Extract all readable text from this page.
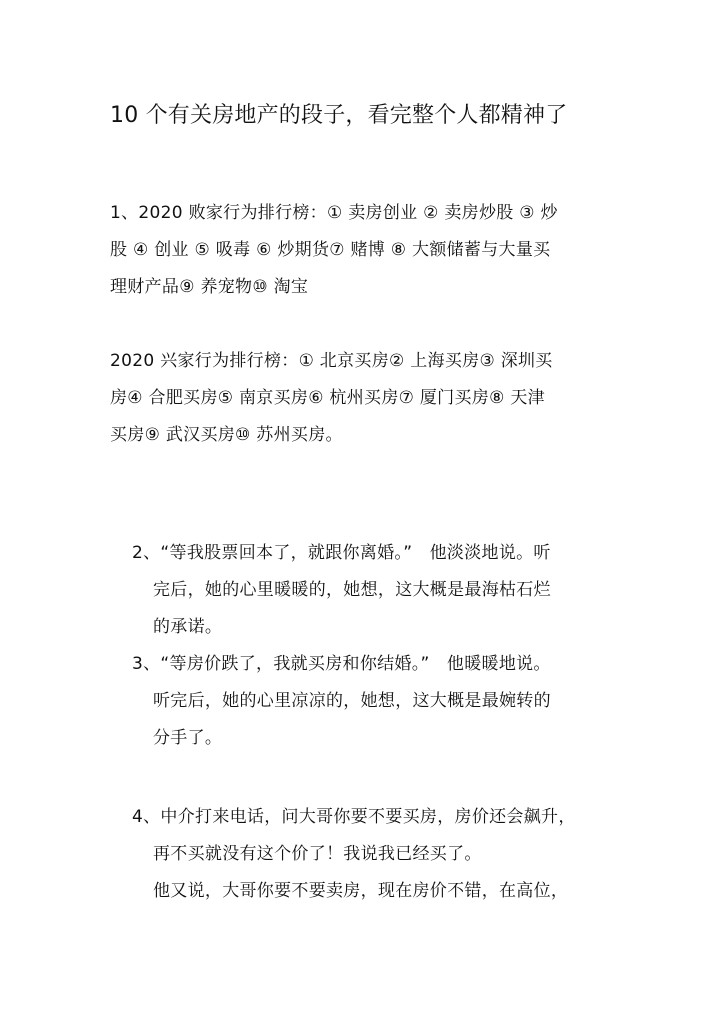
10 个有关房地产的段子，看完整个人都精神了
1、2020 败家行为排行榜：① 卖房创业 ② 卖房炒股 ③ 炒
股 ④ 创业 ⑤ 吸毒 ⑥ 炒期货⑦ 赌博 ⑧ 大额储蓄与大量买
理财产品⑨ 养宠物⑩ 淘宝
2020 兴家行为排行榜：① 北京买房② 上海买房③ 深圳买
房④ 合肥买房⑤ 南京买房⑥ 杭州买房⑦ 厦门买房⑧ 天津
买房⑨ 武汉买房⑩ 苏州买房。
2、“等我股票回本了，就跟你离婚。”　他淡淡地说。听
完后，她的心里暖暖的，她想，这大概是最海枯石烂
的承诺。
3、“等房价跌了，我就买房和你结婚。”　他暖暖地说。
听完后，她的心里凉凉的，她想，这大概是最婉转的
分手了。
4、中介打来电话，问大哥你要不要买房，房价还会飙升，
再不买就没有这个价了！我说我已经买了。
他又说，大哥你要不要卖房，现在房价不错，在高位，
